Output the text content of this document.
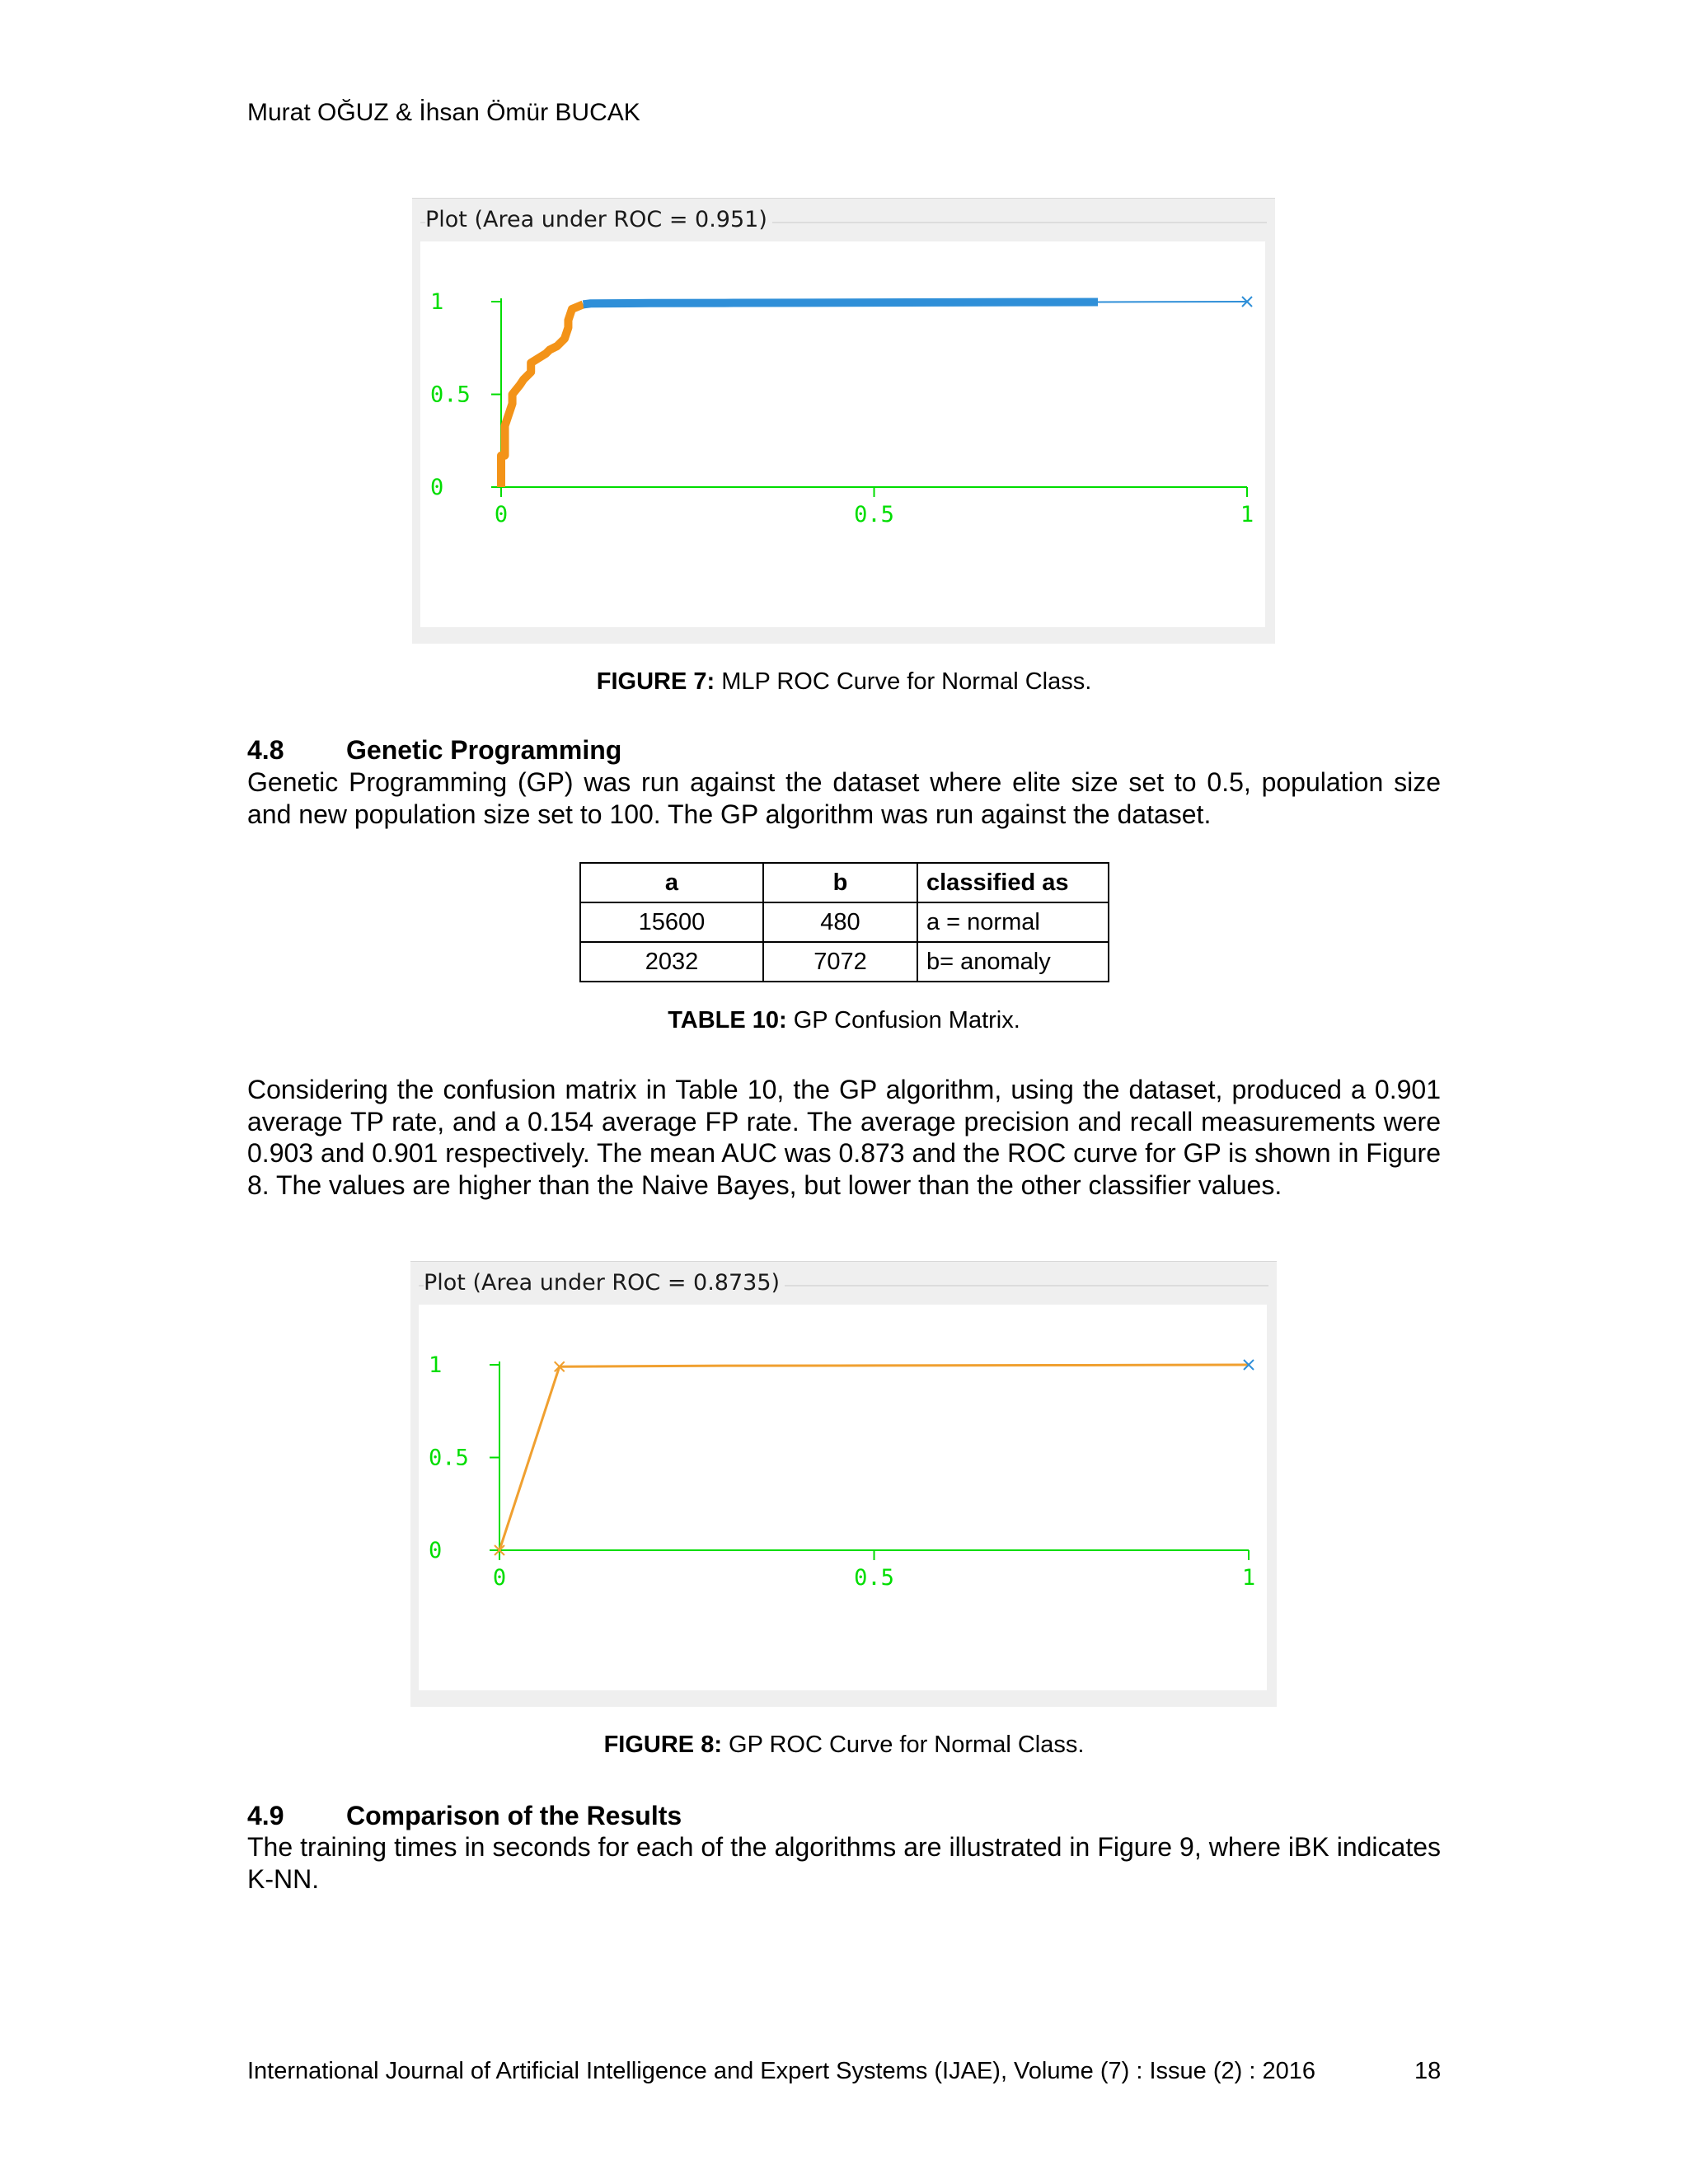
Murat OĞUZ & İhsan Ömür BUCAK
Plot (Area under ROC = 0.951)
0
0.5
1
0	0.5	1
FIGURE 7: MLP ROC Curve for Normal Class.
4.8 Genetic Programming
Genetic Programming (GP) was run against the dataset where elite size set to 0.5, population size and new population size set to 100. The GP algorithm was run against the dataset.
a	b	classified as
15600	480	a = normal
2032	7072	b= anomaly
TABLE 10: GP Confusion Matrix.
Considering the confusion matrix in Table 10, the GP algorithm, using the dataset, produced a 0.901 average TP rate, and a 0.154 average FP rate. The average precision and recall measurements were 0.903 and 0.901 respectively. The mean AUC was 0.873 and the ROC curve for GP is shown in Figure 8. The values are higher than the Naive Bayes, but lower than the other classifier values.
Plot (Area under ROC = 0.8735)
0
0.5
1
0	0.5	1
FIGURE 8: GP ROC Curve for Normal Class.
4.9 Comparison of the Results
The training times in seconds for each of the algorithms are illustrated in Figure 9, where iBK indicates K-NN.
International Journal of Artificial Intelligence and Expert Systems (IJAE), Volume (7) : Issue (2) : 2016	18
